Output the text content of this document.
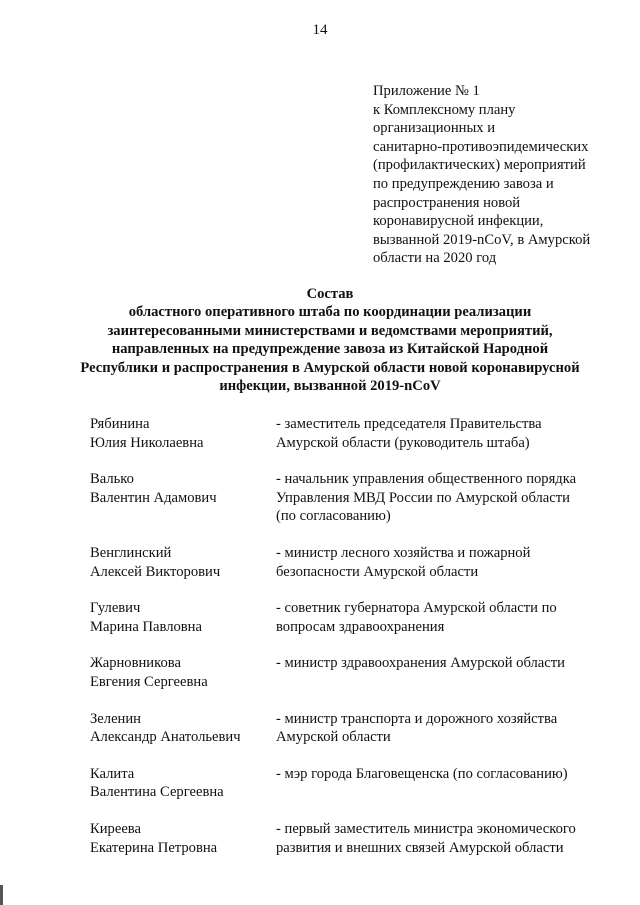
14
Приложение № 1
к Комплексному плану
организационных и
санитарно-противоэпидемических
(профилактических) мероприятий
по предупреждению завоза и
распространения новой
коронавирусной инфекции,
вызванной 2019-nCoV, в Амурской
области на 2020 год
Состав
областного оперативного штаба по координации реализации
заинтересованными министерствами и ведомствами мероприятий,
направленных на предупреждение завоза из Китайской Народной
Республики и распространения в Амурской области новой коронавирусной
инфекции, вызванной 2019-nCoV
Рябинина
Юлия Николаевна
- заместитель председателя Правительства
Амурской области (руководитель штаба)
Валько
Валентин Адамович
- начальник управления общественного порядка
Управления МВД России по Амурской области
(по согласованию)
Венглинский
Алексей Викторович
- министр лесного хозяйства и пожарной
безопасности Амурской области
Гулевич
Марина Павловна
- советник губернатора Амурской области по
вопросам здравоохранения
Жарновникова
Евгения Сергеевна
- министр здравоохранения Амурской области
Зеленин
Александр Анатольевич
- министр транспорта и дорожного хозяйства
Амурской области
Калита
Валентина Сергеевна
- мэр города Благовещенска (по согласованию)
Киреева
Екатерина Петровна
- первый заместитель министра экономического
развития и внешних связей Амурской области
